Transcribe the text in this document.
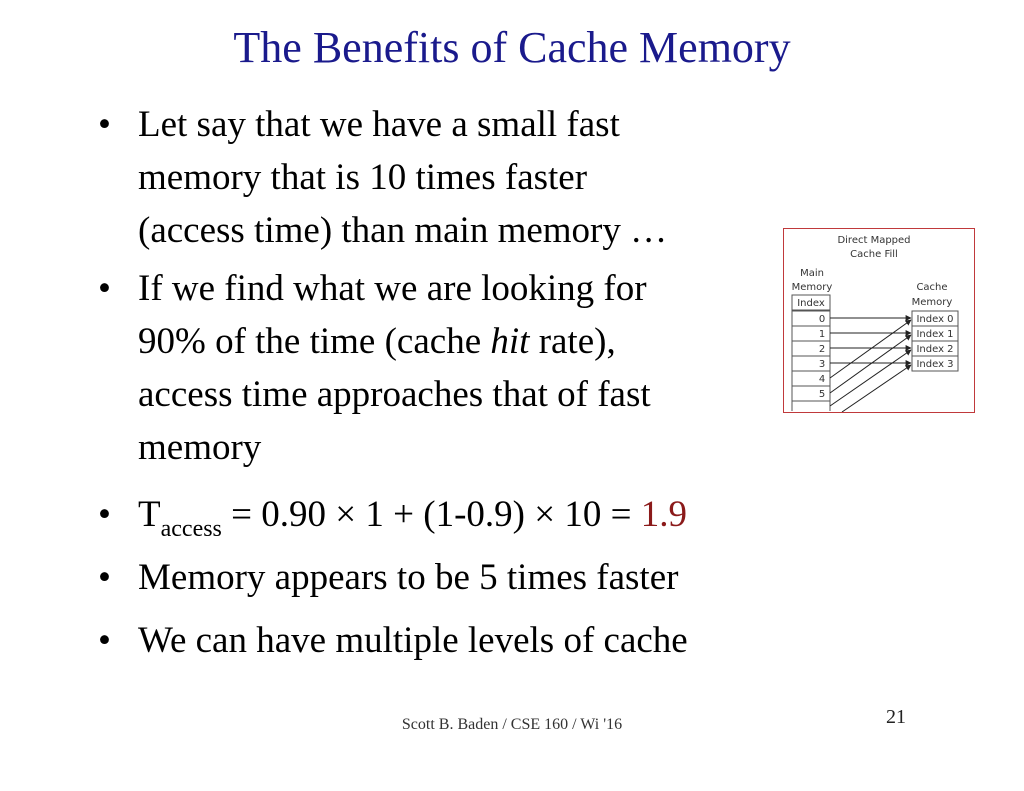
The Benefits of Cache Memory
• Let say that we have a small fast
memory that is 10 times faster
(access time) than main memory …
• If we find what we are looking for
90% of the time (cache hit rate),
access time approaches that of fast
memory
• $T_{access} = 0.90 \times 1 + (1-0.9) \times 10 = 1.9$
• Memory appears to be 5 times faster
• We can have multiple levels of cache
Direct Mapped
Cache Fill
Main
Memory	Cache
Memory
Index
0
1
2
3
4
5
Index 0
Index 1
Index 2
Index 3
Scott B. Baden / CSE 160 / Wi '16	21
